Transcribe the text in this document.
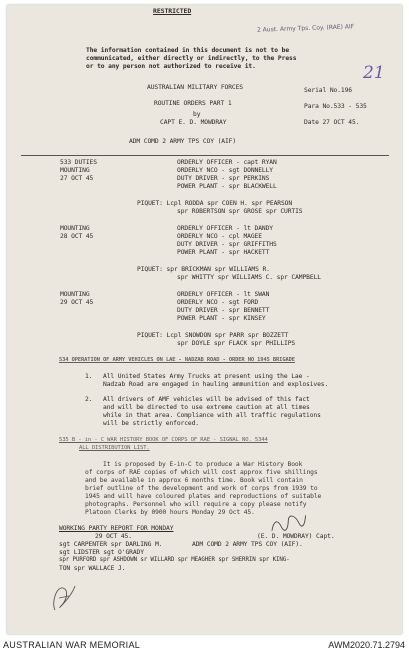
RESTRICTED
2 Aust. Army Tps. Coy. (RAE) AIF
21
The information contained in this document is not to be
communicated, either directly or indirectly, to the Press
or to any person not authorized to receive it.
AUSTRALIAN MILITARY FORCES	Serial No.196
ROUTINE ORDERS PART 1	Para No.533 - 535
by
CAPT E. D. MOWDRAY	Date 27 OCT 45.
ADM COMD 2 ARMY TPS COY (AIF)
533 DUTIES
MOUNTING
27 OCT 45
ORDERLY OFFICER - capt RYAN
ORDERLY NCO - sgt DONNELLY
DUTY DRIVER - spr PERKINS
POWER PLANT - spr BLACKWELL
PIQUET: Lcpl RODDA spr COEN H. spr PEARSON
spr ROBERTSON spr GROSE spr CURTIS
MOUNTING
28 OCT 45
ORDERLY OFFICER - lt DANDY
ORDERLY NCO - cpl MAGEE
DUTY DRIVER - spr GRIFFITHS
POWER PLANT - spr HACKETT
PIQUET: spr BRICKMAN spr WILLIAMS R.
spr WHITTY spr WILLIAMS C. spr CAMPBELL
MOUNTING
29 OCT 45
ORDERLY OFFICER - lt SWAN
ORDERLY NCO - sgt FORD
DUTY DRIVER - spr BENNETT
POWER PLANT - spr KINSEY
PIQUET: Lcpl SNOWDON spr PARR spr BOZZETT
spr DOYLE spr FLACK spr PHILLIPS
534 OPERATION OF ARMY VEHICLES ON LAE - NADZAB ROAD - ORDER NO 1945 BRIGADE
1. All United States Army Trucks at present using the Lae -
Nadzab Road are engaged in hauling ammunition and explosives.
2. All drivers of AMF vehicles will be advised of this fact
and will be directed to use extreme caution at all times
while in that area. Compliance with all traffic regulations
will be strictly enforced.
535 B - in - C WAR HISTORY BOOK OF CORPS OF RAE - SIGNAL NO. 5344
ALL DISTRIBUTION LIST.
It is proposed by E-in-C to produce a War History Book
of corps of RAE copies of which will cost approx five shillings
and be available in approx 6 months time. Book will contain
brief outline of the development and work of corps from 1939 to
1945 and will have coloured plates and reproductions of suitable
photographs. Personnel who will require a copy please notify
Platoon Clerks by 0900 hours Monday 29 Oct 45.
WORKING PARTY REPORT FOR MONDAY
29 OCT 45.	(E. D. MOWDRAY) Capt.
sgt CARPENTER spr DARLING M.	ADM COMD 2 ARMY TPS COY (AIF).
sgt LIDSTER sgt O'GRADY
spr PURFORD spr ASHDOWN sr WILLARD spr MEAGHER spr SHERRIN spr KING-
TON spr WALLACE J.
AUSTRALIAN WAR MEMORIAL	AWM2020.71.2794
